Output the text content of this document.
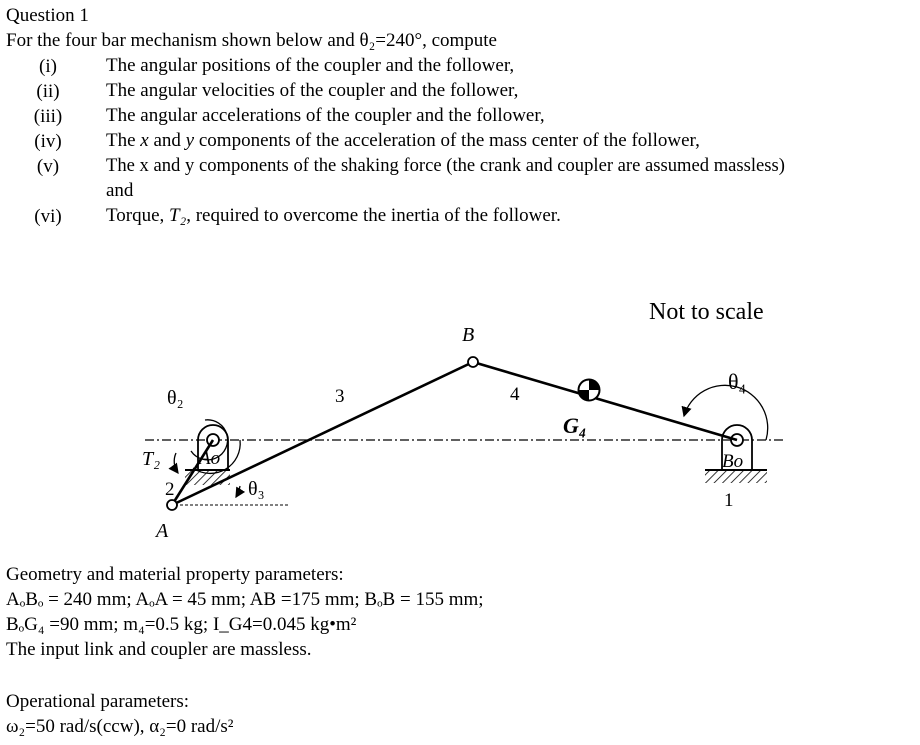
Question 1
For the four bar mechanism shown below and θ₂=240°, compute
(i)	The angular positions of the coupler and the follower,
(ii)	The angular velocities of the coupler and the follower,
(iii)	The angular accelerations of the coupler and the follower,
(iv)	The x and y components of the acceleration of the mass center of the follower,
(v)	The x and y components of the shaking force (the crank and coupler are assumed massless)
and
(vi)	Torque, T₂, required to overcome the inertia of the follower.
Not to scale
B
A
Ao	Bo
G₄
θ₂
θ₃
θ₄
T₂
1
2
3	4
Geometry and material property parameters:
AₒBₒ = 240 mm; AₒA = 45 mm; AB =175 mm; BₒB = 155 mm;
BₒG₄ =90 mm; m₄=0.5 kg; I_G4=0.045 kg•m²
The input link and coupler are massless.
Operational parameters:
ω₂=50 rad/s(ccw), α₂=0 rad/s²
